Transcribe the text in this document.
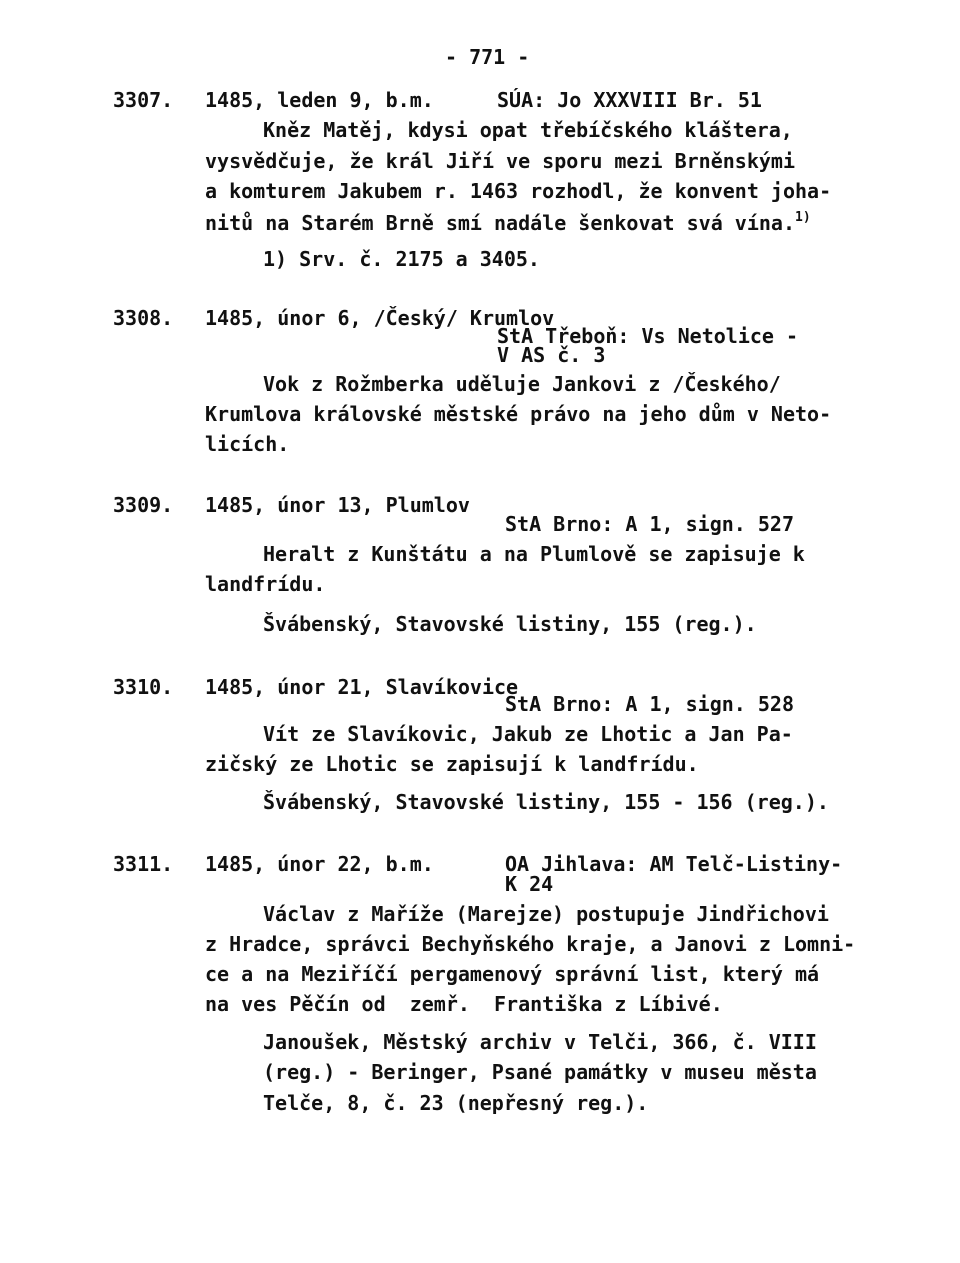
- 771 -
3307. 1485, leden 9, b.m.	SÚA: Jo XXXVIII Br. 51
Kněz Matěj, kdysi opat třebíčského kláštera,
vysvědčuje, že král Jiří ve sporu mezi Brněnskými
a komturem Jakubem r. 1463 rozhodl, že konvent joha-
nitů na Starém Brně smí nadále šenkovat svá vína.$^{1)}$
1) Srv. č. 2175 a 3405.
3308. 1485, únor 6, /Český/ Krumlov
StA Třeboň: Vs Netolice -
V AS č. 3
Vok z Rožmberka uděluje Jankovi z /Českého/
Krumlova královské městské právo na jeho dům v Neto-
licích.
3309. 1485, únor 13, Plumlov
StA Brno: A 1, sign. 527
Heralt z Kunštátu a na Plumlově se zapisuje k
landfrídu.
Švábenský, Stavovské listiny, 155 (reg.).
3310. 1485, únor 21, Slavíkovice
StA Brno: A 1, sign. 528
Vít ze Slavíkovic, Jakub ze Lhotic a Jan Pa-
zičský ze Lhotic se zapisují k landfrídu.
Švábenský, Stavovské listiny, 155 - 156 (reg.).
3311. 1485, únor 22, b.m.	OA Jihlava: AM Telč-Listiny-
K 24
Václav z Maříže (Marejze) postupuje Jindřichovi
z Hradce, správci Bechyňského kraje, a Janovi z Lomni-
ce a na Meziříčí pergamenový správní list, který má
na ves Pěčín od  zemř.  Františka z Líbivé.
Janoušek, Městský archiv v Telči, 366, č. VIII
(reg.) - Beringer, Psané památky v museu města
Telče, 8, č. 23 (nepřesný reg.).
